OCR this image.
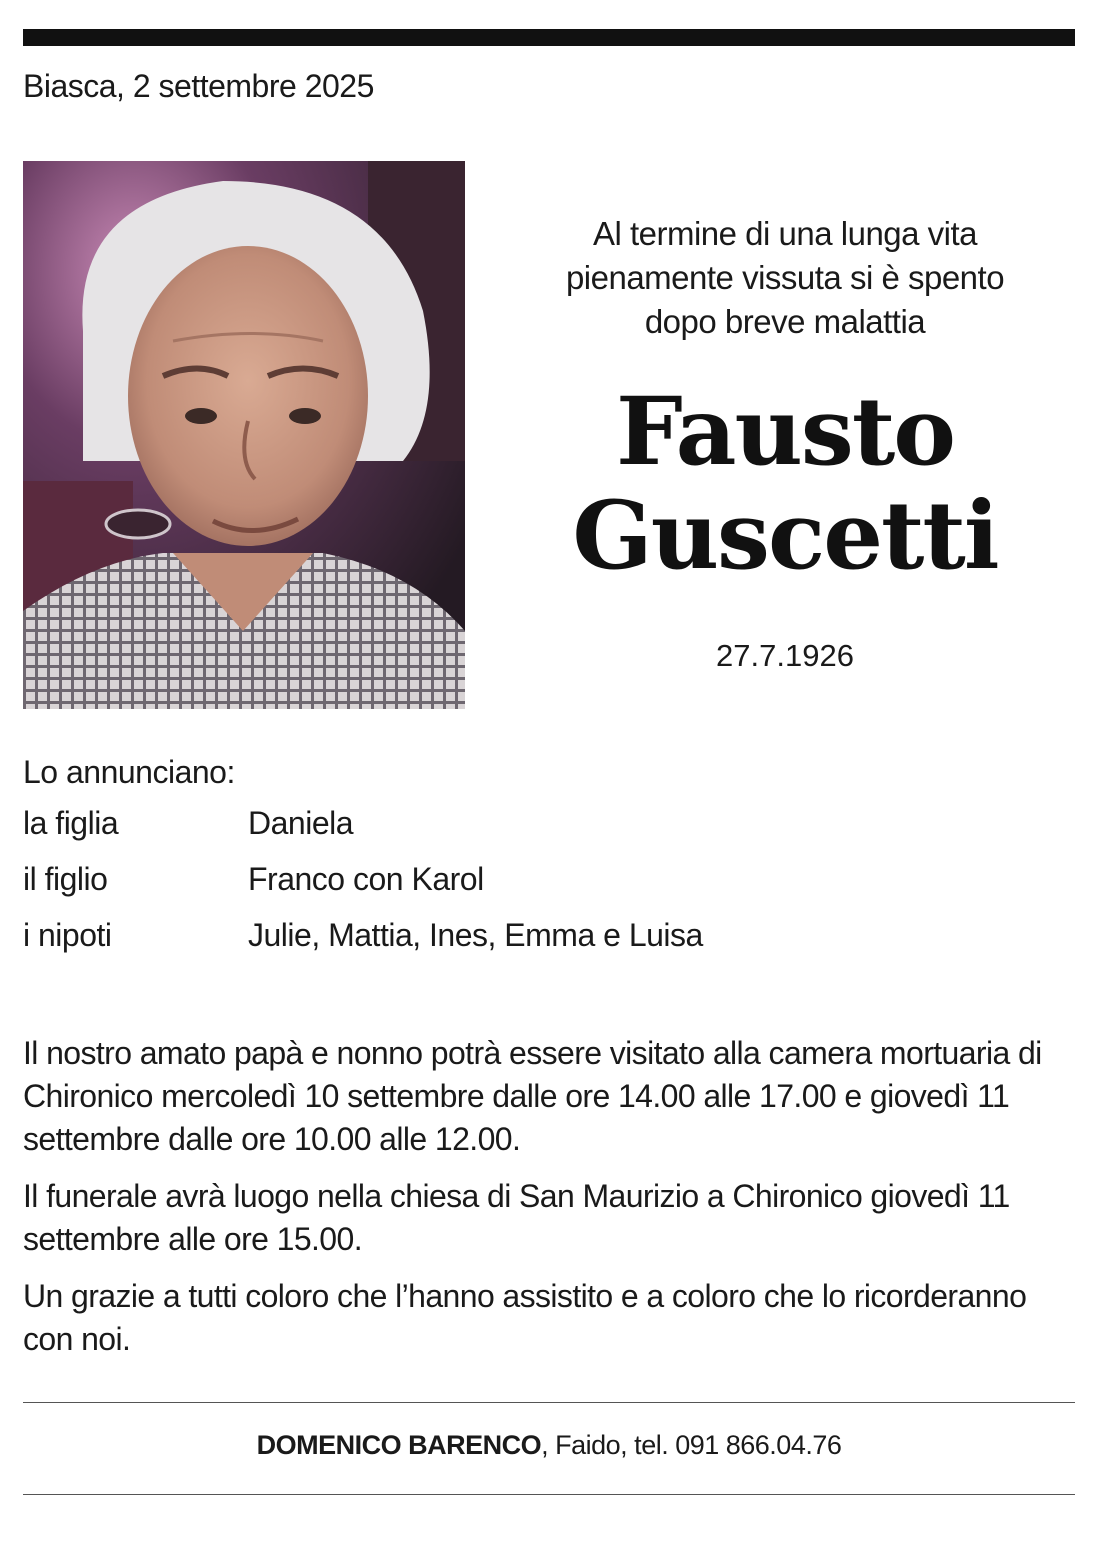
Biasca, 2 settembre 2025
Al termine di una lunga vita
pienamente vissuta si è spento
dopo breve malattia
Fausto
Guscetti
27.7.1926
Lo annunciano:
la figlia	Daniela
il figlio	Franco con Karol
i nipoti	Julie, Mattia, Ines, Emma e Luisa

Il nostro amato papà e nonno potrà essere visitato alla camera mortuaria di Chironico mercoledì 10 settembre dalle ore 14.00 alle 17.00 e giovedì 11 settembre dalle ore 10.00 alle 12.00.

Il funerale avrà luogo nella chiesa di San Maurizio a Chironico giovedì 11 settembre alle ore 15.00.

Un grazie a tutti coloro che l’hanno assistito e a coloro che lo ricorderanno con noi.

DOMENICO BARENCO, Faido, tel. 091 866.04.76
